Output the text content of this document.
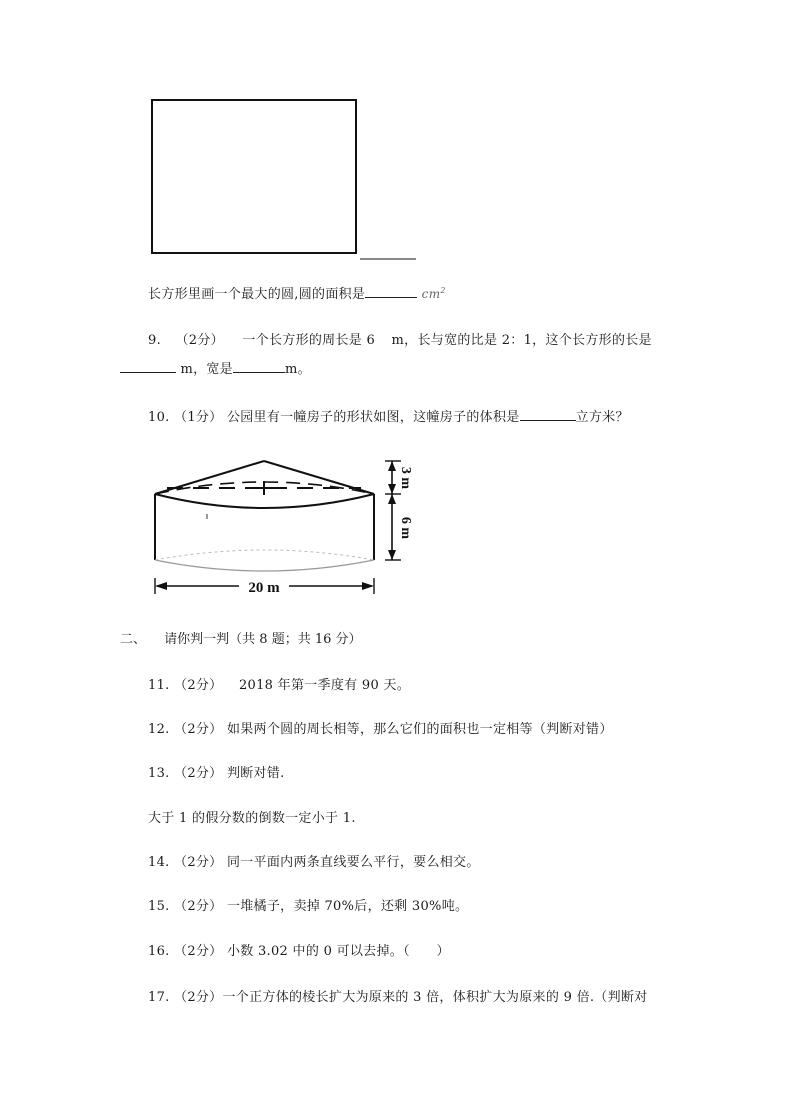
长方形里画一个最大的圆,圆的面积是	$cm^2$
9. （2分） 一个长方形的周长是 6 m，长与宽的比是 2：1，这个长方形的长是
m，宽是	m。
10. （1分） 公园里有一幢房子的形状如图，这幢房子的体积是	立方米？
20 m
3 m
6 m
二、 请你判一判（共 8 题；共 16 分）
11. （2分） 2018 年第一季度有 90 天。
12. （2分） 如果两个圆的周长相等，那么它们的面积也一定相等（判断对错）
13. （2分） 判断对错.
大于 1 的假分数的倒数一定小于 1.
14. （2分） 同一平面内两条直线要么平行，要么相交。
15. （2分） 一堆橘子，卖掉 70%后，还剩 30%吨。
16. （2分） 小数 3.02 中的 0 可以去掉。（　　）
17. （2分）一个正方体的棱长扩大为原来的 3 倍，体积扩大为原来的 9 倍.（判断对
